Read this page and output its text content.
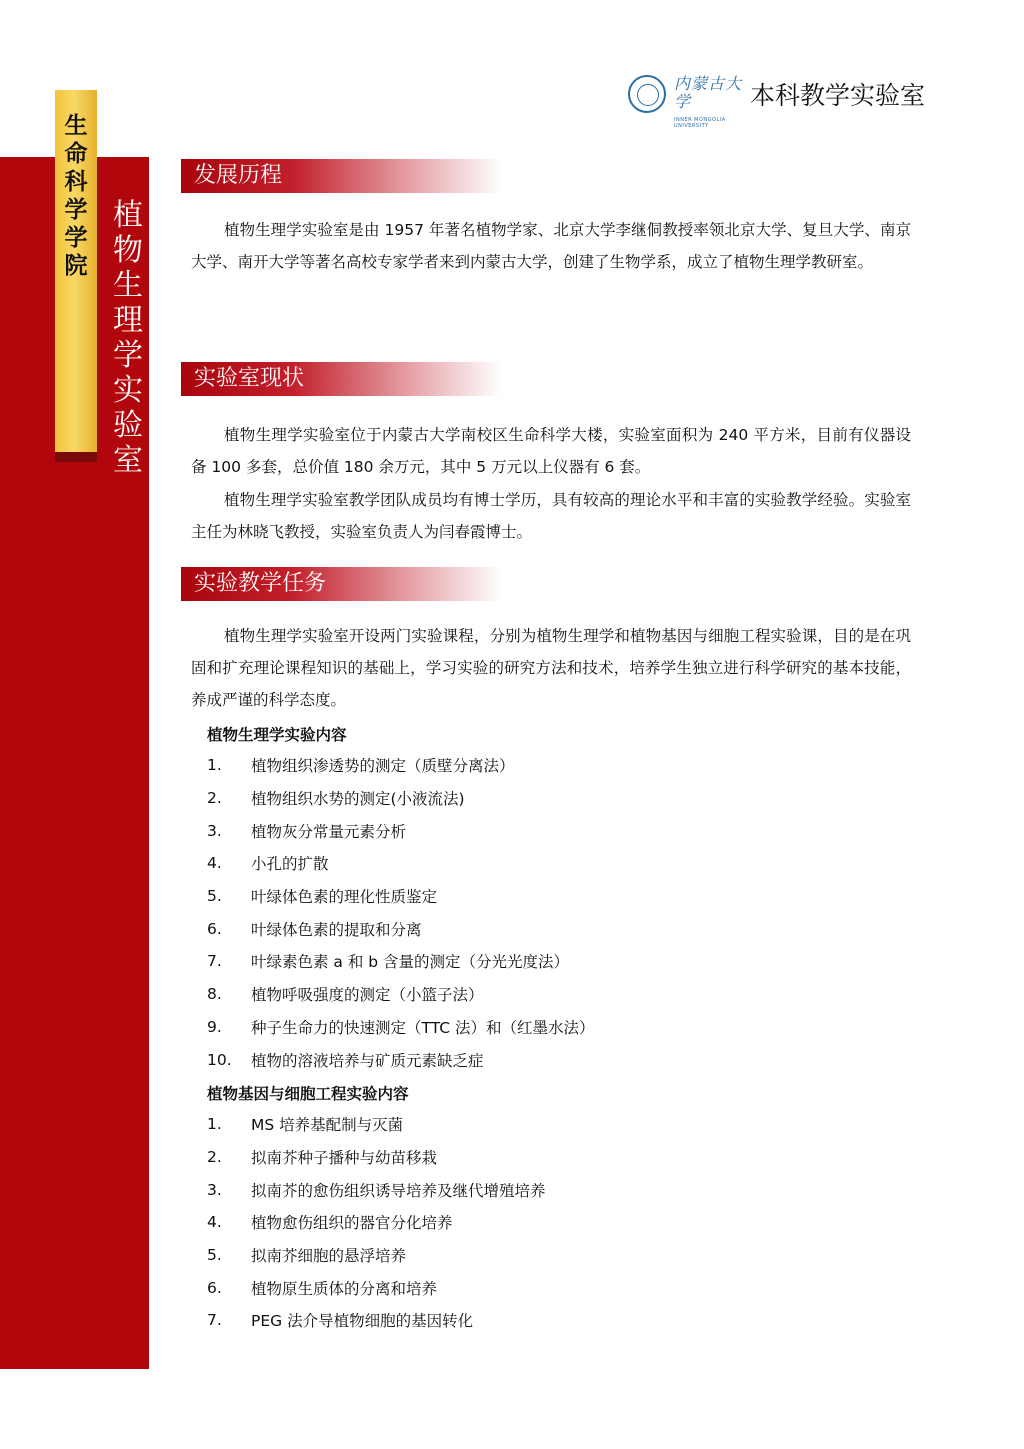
生
命
科
学
学
院
植
物
生
理
学
实
验
室
内蒙古大学
INNER MONGOLIA UNIVERSITY
本科教学实验室
发展历程

植物生理学实验室是由 1957 年著名植物学家、北京大学李继侗教授率领北京大学、复旦大学、南京大学、南开大学等著名高校专家学者来到内蒙古大学，创建了生物学系，成立了植物生理学教研室。

实验室现状

植物生理学实验室位于内蒙古大学南校区生命科学大楼，实验室面积为 240 平方米，目前有仪器设备 100 多套，总价值 180 余万元，其中 5 万元以上仪器有 6 套。

植物生理学实验室教学团队成员均有博士学历，具有较高的理论水平和丰富的实验教学经验。实验室主任为林晓飞教授，实验室负责人为闫春霞博士。

实验教学任务

植物生理学实验室开设两门实验课程，分别为植物生理学和植物基因与细胞工程实验课，目的是在巩固和扩充理论课程知识的基础上，学习实验的研究方法和技术，培养学生独立进行科学研究的基本技能，养成严谨的科学态度。

植物生理学实验内容
1.	植物组织渗透势的测定（质壁分离法）
2.	植物组织水势的测定(小液流法)
3.	植物灰分常量元素分析
4.	小孔的扩散
5.	叶绿体色素的理化性质鉴定
6.	叶绿体色素的提取和分离
7.	叶绿素色素 a 和 b 含量的测定（分光光度法）
8.	植物呼吸强度的测定（小篮子法）
9.	种子生命力的快速测定（TTC 法）和（红墨水法）
10.	植物的溶液培养与矿质元素缺乏症
植物基因与细胞工程实验内容
1.	MS 培养基配制与灭菌
2.	拟南芥种子播种与幼苗移栽
3.	拟南芥的愈伤组织诱导培养及继代增殖培养
4.	植物愈伤组织的器官分化培养
5.	拟南芥细胞的悬浮培养
6.	植物原生质体的分离和培养
7.	PEG 法介导植物细胞的基因转化
